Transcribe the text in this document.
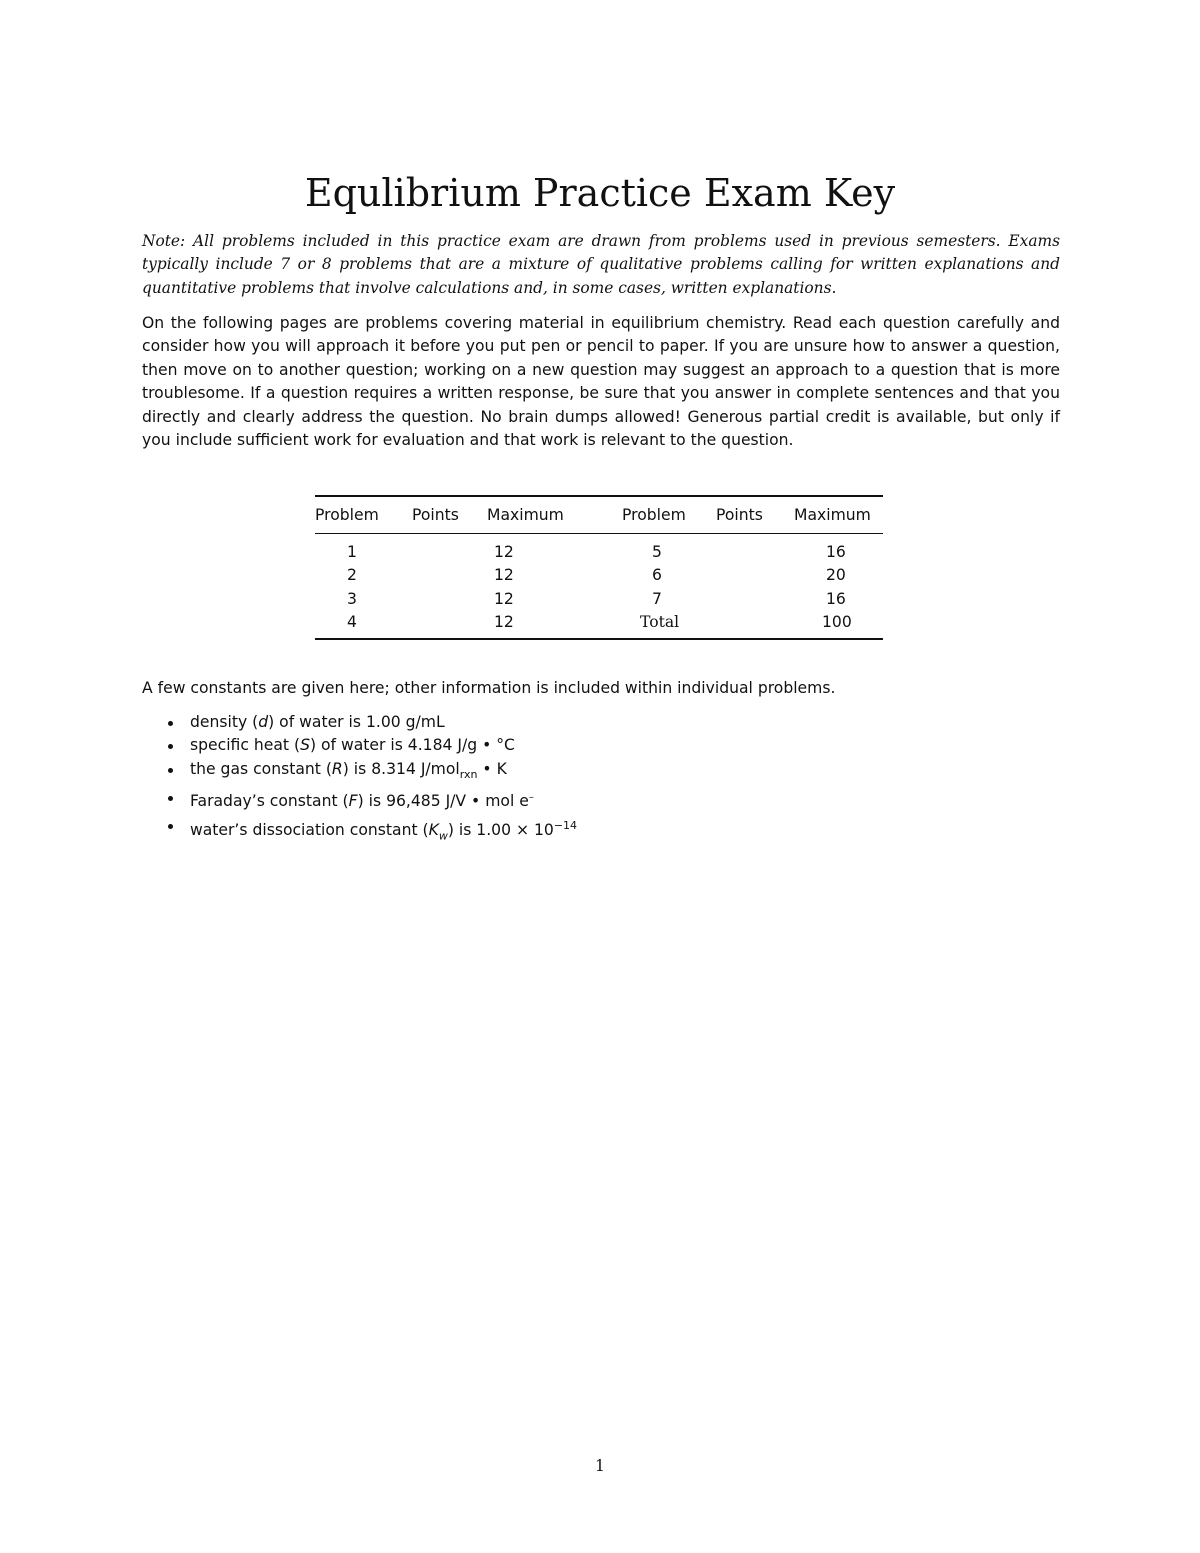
Equlibrium Practice Exam Key

Note: All problems included in this practice exam are drawn from problems used in previous semesters. Exams typically include 7 or 8 problems that are a mixture of qualitative problems calling for written explanations and quantitative problems that involve calculations and, in some cases, written explanations.

On the following pages are problems covering material in equilibrium chemistry. Read each question carefully and consider how you will approach it before you put pen or pencil to paper. If you are unsure how to answer a question, then move on to another question; working on a new question may suggest an approach to a question that is more troublesome. If a question requires a written response, be sure that you answer in complete sentences and that you directly and clearly address the question. No brain dumps allowed! Generous partial credit is available, but only if you include sufficient work for evaluation and that work is relevant to the question.

Problem	Points	Maximum	Problem	Points	Maximum
1		12	5		16
2		12	6		20
3		12	7		16
4		12	Total		100

A few constants are given here; other information is included within individual problems.

density (d) of water is 1.00 g/mL
specific heat (S) of water is 4.184 J/g • °C
the gas constant (R) is 8.314 J/mol$_{rxn}$ • K
Faraday’s constant (F) is 96,485 J/V • mol e–
water’s dissociation constant $(K_w)$ is $1.00 \times 10^{-14}$
1
